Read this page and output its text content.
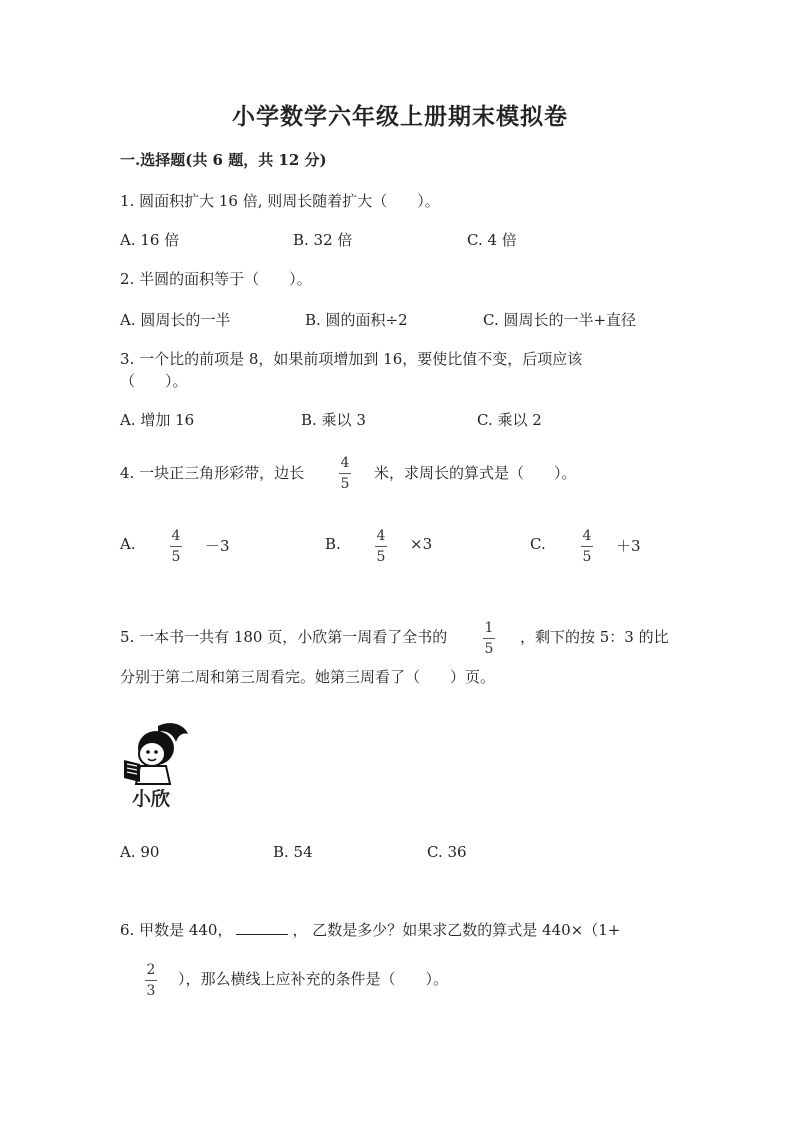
小学数学六年级上册期末模拟卷
一.选择题(共 6 题，共 12 分)
1. 圆面积扩大 16 倍, 则周长随着扩大（　　）。
A. 16 倍	B. 32 倍	C. 4 倍
2. 半圆的面积等于（　　）。
A. 圆周长的一半	B. 圆的面积÷2	C. 圆周长的一半+直径
3. 一个比的前项是 8，如果前项增加到 16，要使比值不变，后项应该
（　　）。
A. 增加 16	B. 乘以 3	C. 乘以 2
4. 一块正三角形彩带，边长
4
5
米，求周长的算式是（　　）。
A.	4
5
－3	B.	4
5
×3	C.	4
5
＋3
5. 一本书一共有 180 页，小欣第一周看了全书的	1
5
，剩下的按 5：3 的比
分别于第二周和第三周看完。她第三周看了（　　）页。
小欣
A. 90	B. 54	C. 36
6. 甲数是 440，	， 乙数是多少？如果求乙数的算式是 440×（1+
2
3
），那么横线上应补充的条件是（　　）。
